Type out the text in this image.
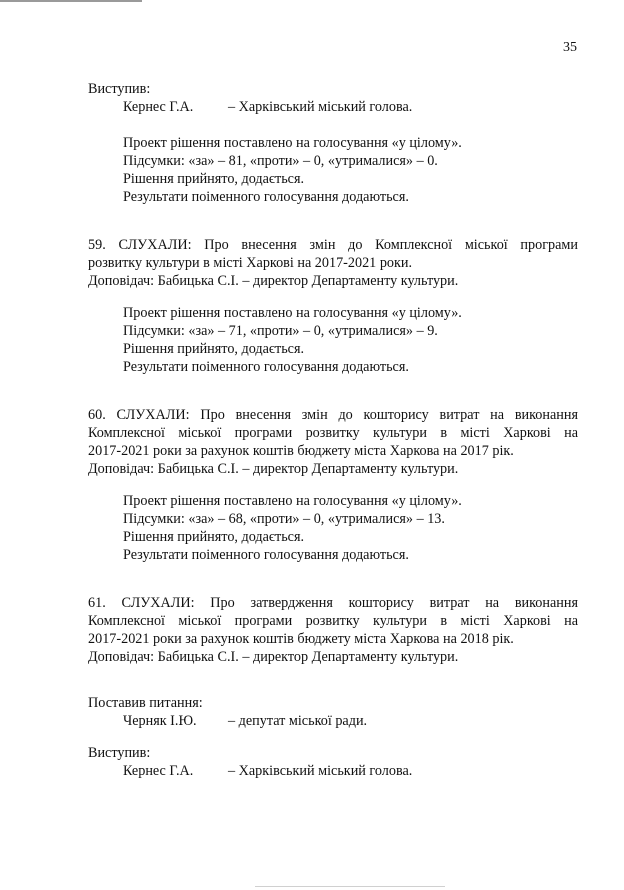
35
Виступив:
Кернес Г.А. – Харківський міський голова.
Проект рішення поставлено на голосування «у цілому».
Підсумки: «за» – 81, «проти» – 0, «утрималися» – 0.
Рішення прийнято, додається.
Результати поіменного голосування додаються.
59. СЛУХАЛИ: Про внесення змін до Комплексної міської програми
розвитку культури в місті Харкові на 2017-2021 роки.
Доповідач: Бабицька С.І. – директор Департаменту культури.
Проект рішення поставлено на голосування «у цілому».
Підсумки: «за» – 71, «проти» – 0, «утрималися» – 9.
Рішення прийнято, додається.
Результати поіменного голосування додаються.
60. СЛУХАЛИ: Про внесення змін до кошторису витрат на виконання
Комплексної міської програми розвитку культури в місті Харкові на
2017-2021 роки за рахунок коштів бюджету міста Харкова на 2017 рік.
Доповідач: Бабицька С.І. – директор Департаменту культури.
Проект рішення поставлено на голосування «у цілому».
Підсумки: «за» – 68, «проти» – 0, «утрималися» – 13.
Рішення прийнято, додається.
Результати поіменного голосування додаються.
61. СЛУХАЛИ: Про затвердження кошторису витрат на виконання
Комплексної міської програми розвитку культури в місті Харкові на
2017-2021 роки за рахунок коштів бюджету міста Харкова на 2018 рік.
Доповідач: Бабицька С.І. – директор Департаменту культури.
Поставив питання:
Черняк І.Ю. – депутат міської ради.
Виступив:
Кернес Г.А. – Харківський міський голова.
